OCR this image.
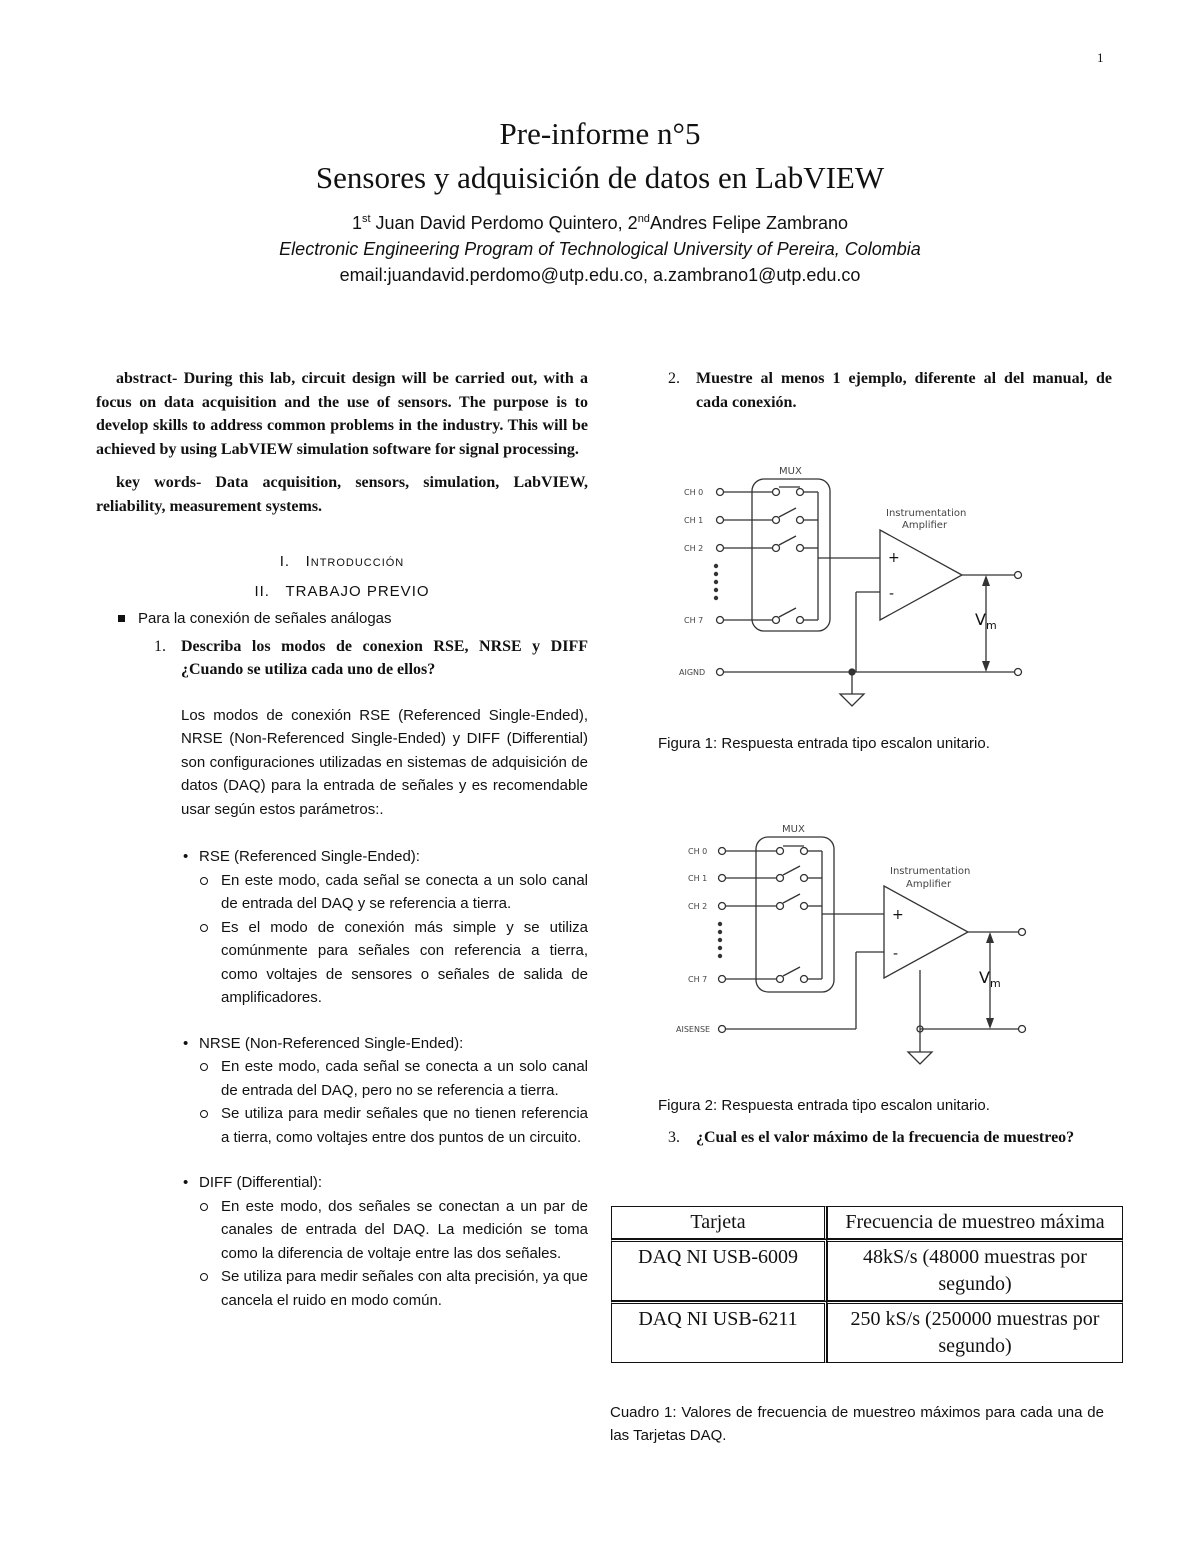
1
Pre-informe n°5
Sensores y adquisición de datos en LabVIEW
1st Juan David Perdomo Quintero, 2ndAndres Felipe Zambrano
Electronic Engineering Program of Technological University of Pereira, Colombia
email:juandavid.perdomo@utp.edu.co, a.zambrano1@utp.edu.co

abstract- During this lab, circuit design will be carried out, with a focus on data acquisition and the use of sensors. The purpose is to develop skills to address common problems in the industry. This will be achieved by using LabVIEW simulation software for signal processing.

key words- Data acquisition, sensors, simulation, LabVIEW, reliability, measurement systems.

I. Introducción
II. TRABAJO PREVIO
Para la conexión de señales análogas
1. Describa los modos de conexion RSE, NRSE y DIFF ¿Cuando se utiliza cada uno de ellos?

Los modos de conexión RSE (Referenced Single-Ended), NRSE (Non-Referenced Single-Ended) y DIFF (Differential) son configuraciones utilizadas en sistemas de adquisición de datos (DAQ) para la entrada de señales y es recomendable usar según estos parámetros:.

• RSE (Referenced Single-Ended):
En este modo, cada señal se conecta a un solo canal de entrada del DAQ y se referencia a tierra.
Es el modo de conexión más simple y se utiliza comúnmente para señales con referencia a tierra, como voltajes de sensores o señales de salida de amplificadores.
• NRSE (Non-Referenced Single-Ended):
En este modo, cada señal se conecta a un solo canal de entrada del DAQ, pero no se referencia a tierra.
Se utiliza para medir señales que no tienen referencia a tierra, como voltajes entre dos puntos de un circuito.
• DIFF (Differential):
En este modo, dos señales se conectan a un par de canales de entrada del DAQ. La medición se toma como la diferencia de voltaje entre las dos señales.
Se utiliza para medir señales con alta precisión, ya que cancela el ruido en modo común.
2. Muestre al menos 1 ejemplo, diferente al del manual, de cada conexión.
CH 0
CH 1
CH 2
CH 7
AIGND
MUX
Instrumentation
Amplifier
+
-
$V_m$
Figura 1: Respuesta entrada tipo escalon unitario.
CH 0
CH 1
CH 2
CH 7
AISENSE
MUX
Instrumentation
Amplifier
+
-
$V_m$
Figura 2: Respuesta entrada tipo escalon unitario.
3. ¿Cual es el valor máximo de la frecuencia de muestreo?
Tarjeta	Frecuencia de muestreo máxima
DAQ NI USB-6009	48kS/s (48000 muestras por segundo)
DAQ NI USB-6211	250 kS/s (250000 muestras por segundo)
Cuadro 1: Valores de frecuencia de muestreo máximos para cada una de las Tarjetas DAQ.
